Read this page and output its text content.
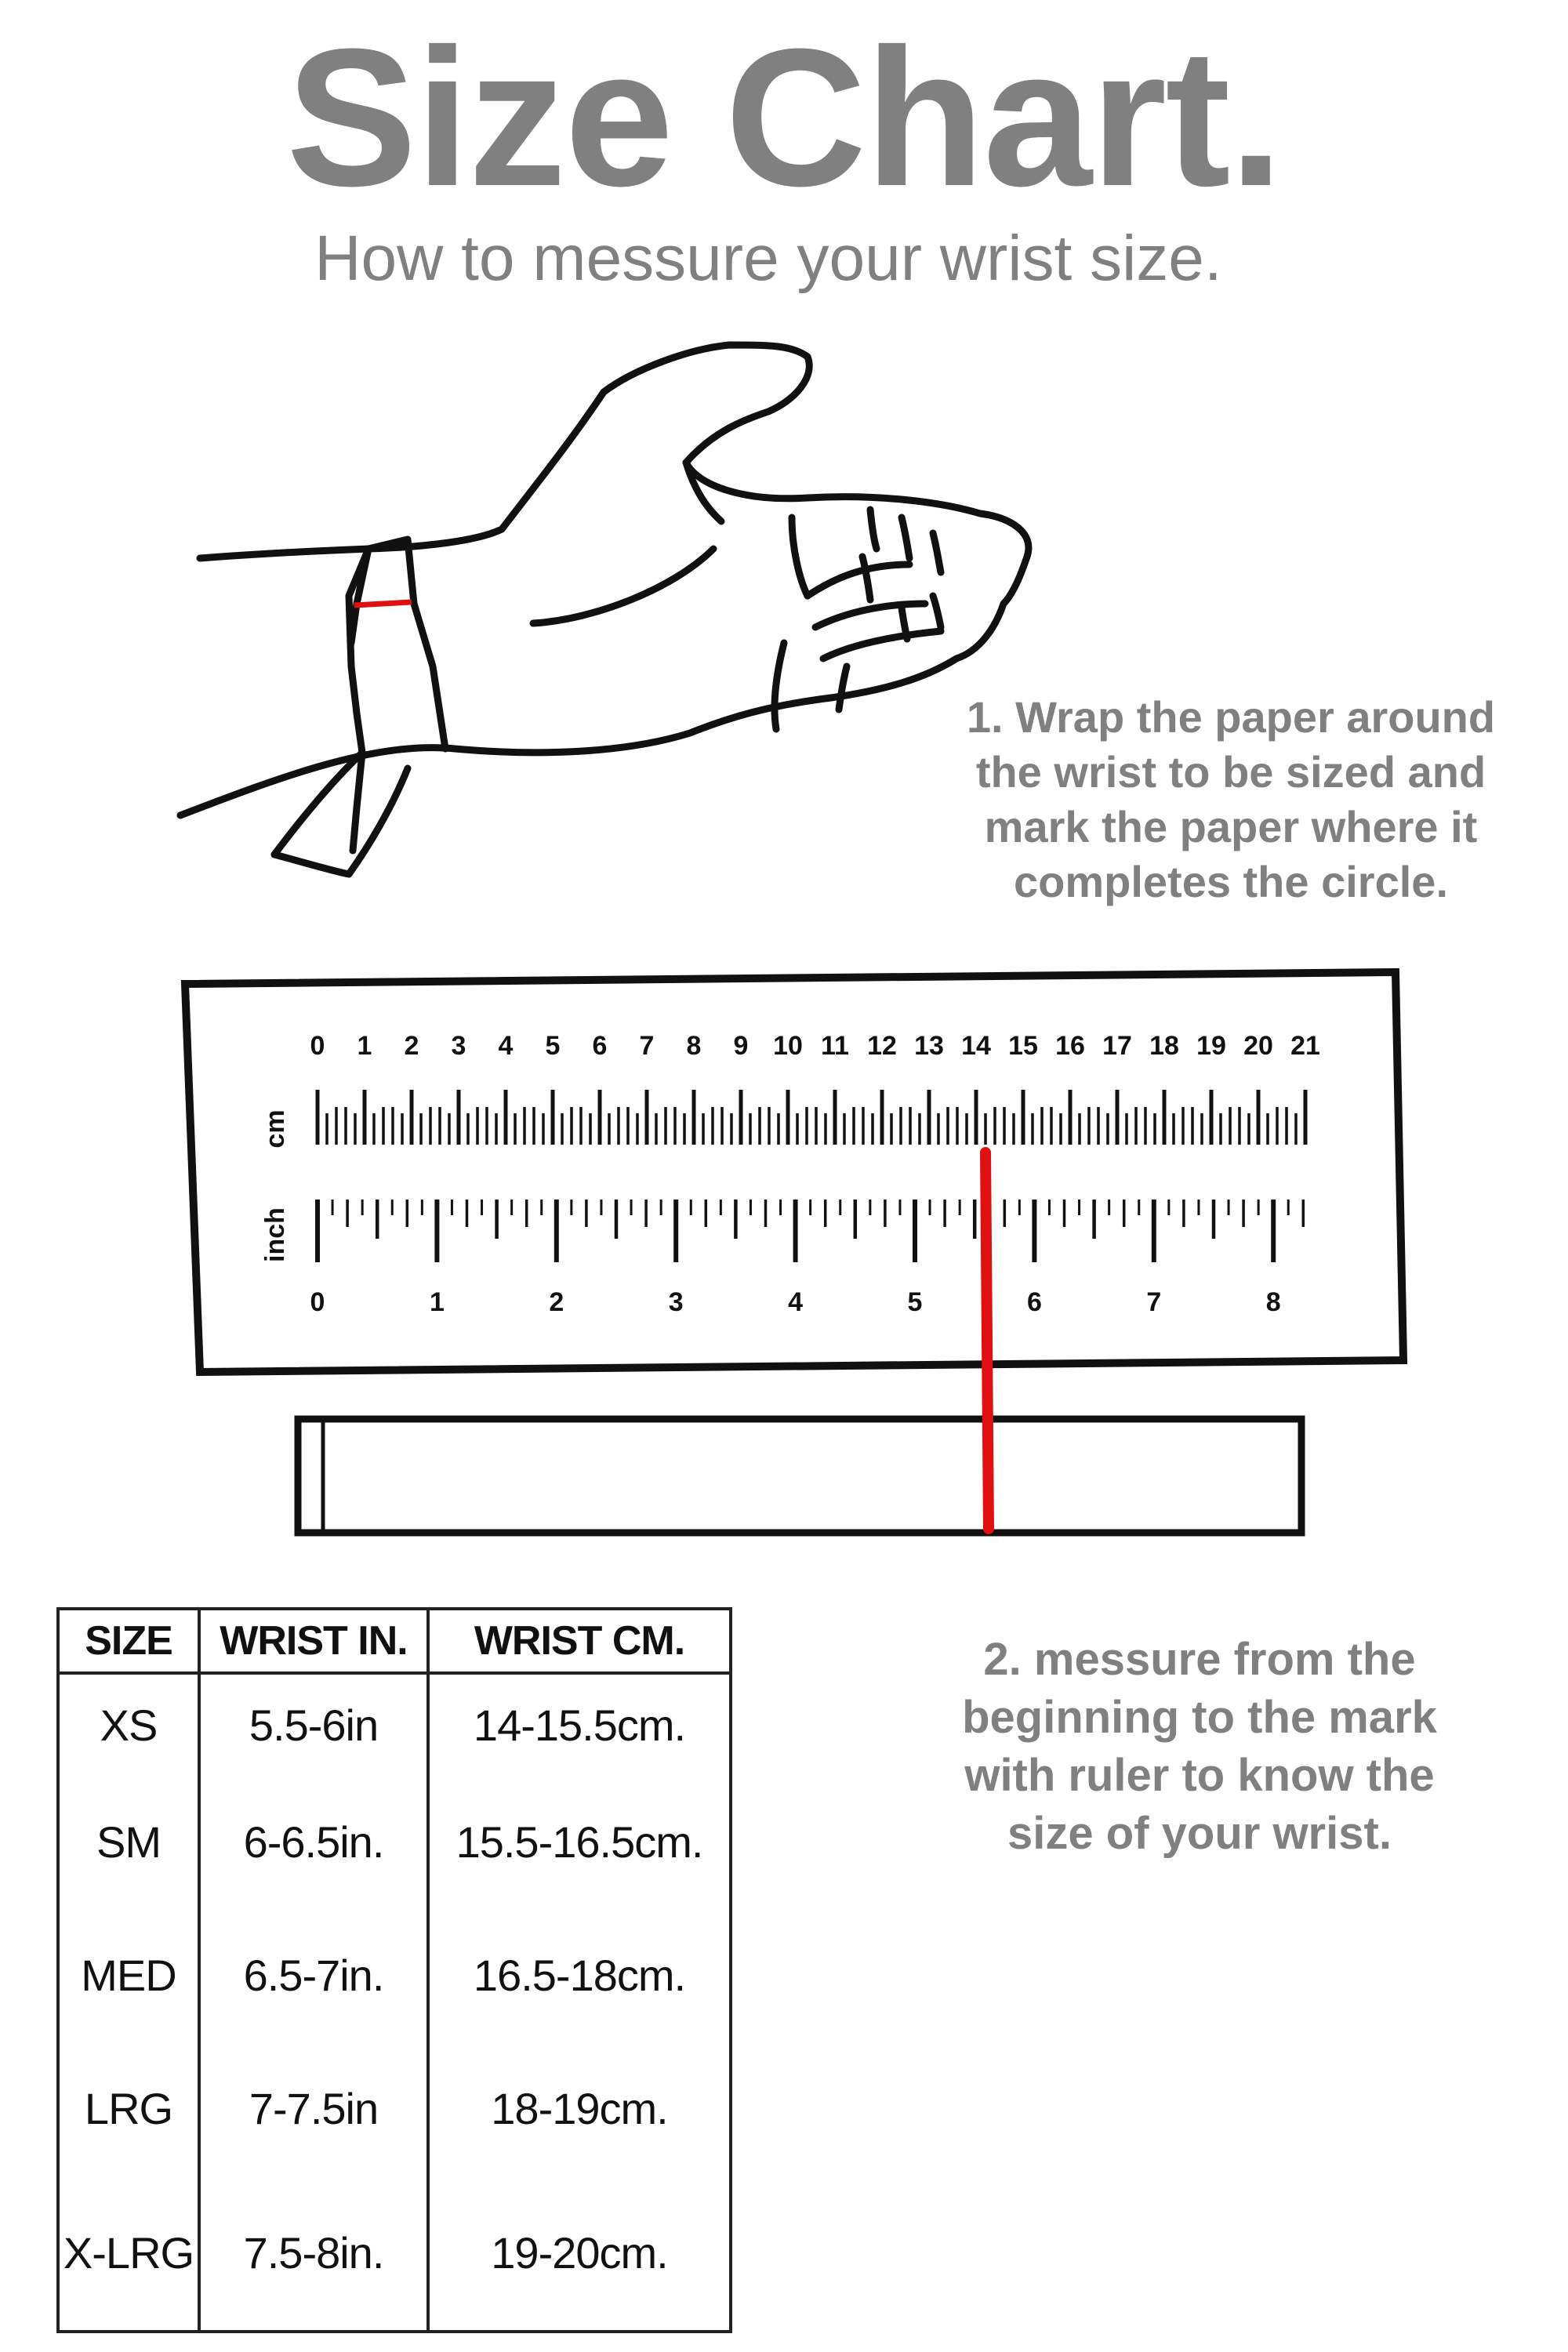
Size Chart.
How to messure your wrist size.
0 1 2 3 4 5 6 7 8 9 10 11 12 13 14 15 16 17 18 19 20 21
0	1	2	3	4	5	6	7	8
cm
inch
1. Wrap the paper around
the wrist to be sized and
mark the paper where it
completes the circle.
2. messure from the
beginning to the mark
with ruler to know the
size of your wrist.
SIZE	WRIST IN.	WRIST CM.
XS	5.5-6in	14-15.5cm.
SM	6-6.5in.	15.5-16.5cm.
MED	6.5-7in.	16.5-18cm.
LRG	7-7.5in	18-19cm.
X-LRG	7.5-8in.	19-20cm.
